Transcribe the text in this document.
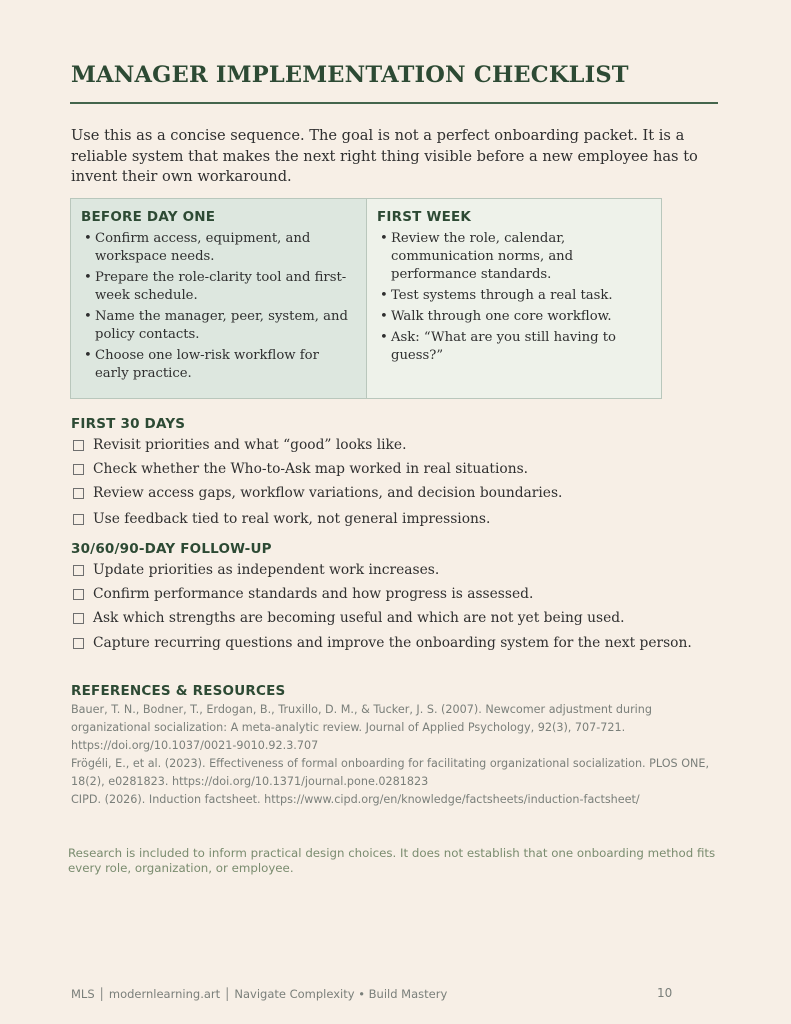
MANAGER IMPLEMENTATION CHECKLIST
Use this as a concise sequence. The goal is not a perfect onboarding packet. It is a reliable system that makes the next right thing visible before a new employee has to invent their own workaround.
BEFORE DAY ONE
• Confirm access, equipment, and workspace needs.
• Prepare the role-clarity tool and first-week schedule.
• Name the manager, peer, system, and policy contacts.
• Choose one low-risk workflow for early practice.
FIRST WEEK
• Review the role, calendar, communication norms, and performance standards.
• Test systems through a real task.
• Walk through one core workflow.
• Ask: “What are you still having to guess?”
FIRST 30 DAYS
Revisit priorities and what “good” looks like.
Check whether the Who-to-Ask map worked in real situations.
Review access gaps, workflow variations, and decision boundaries.
Use feedback tied to real work, not general impressions.
30/60/90-DAY FOLLOW-UP
Update priorities as independent work increases.
Confirm performance standards and how progress is assessed.
Ask which strengths are becoming useful and which are not yet being used.
Capture recurring questions and improve the onboarding system for the next person.
REFERENCES & RESOURCES
Bauer, T. N., Bodner, T., Erdogan, B., Truxillo, D. M., & Tucker, J. S. (2007). Newcomer adjustment during organizational socialization: A meta-analytic review. Journal of Applied Psychology, 92(3), 707-721. https://doi.org/10.1037/0021-9010.92.3.707
Frögéli, E., et al. (2023). Effectiveness of formal onboarding for facilitating organizational socialization. PLOS ONE, 18(2), e0281823. https://doi.org/10.1371/journal.pone.0281823
CIPD. (2026). Induction factsheet. https://www.cipd.org/en/knowledge/factsheets/induction-factsheet/
Research is included to inform practical design choices. It does not establish that one onboarding method fits every role, organization, or employee.
MLS │ modernlearning.art │ Navigate Complexity • Build Mastery	10
